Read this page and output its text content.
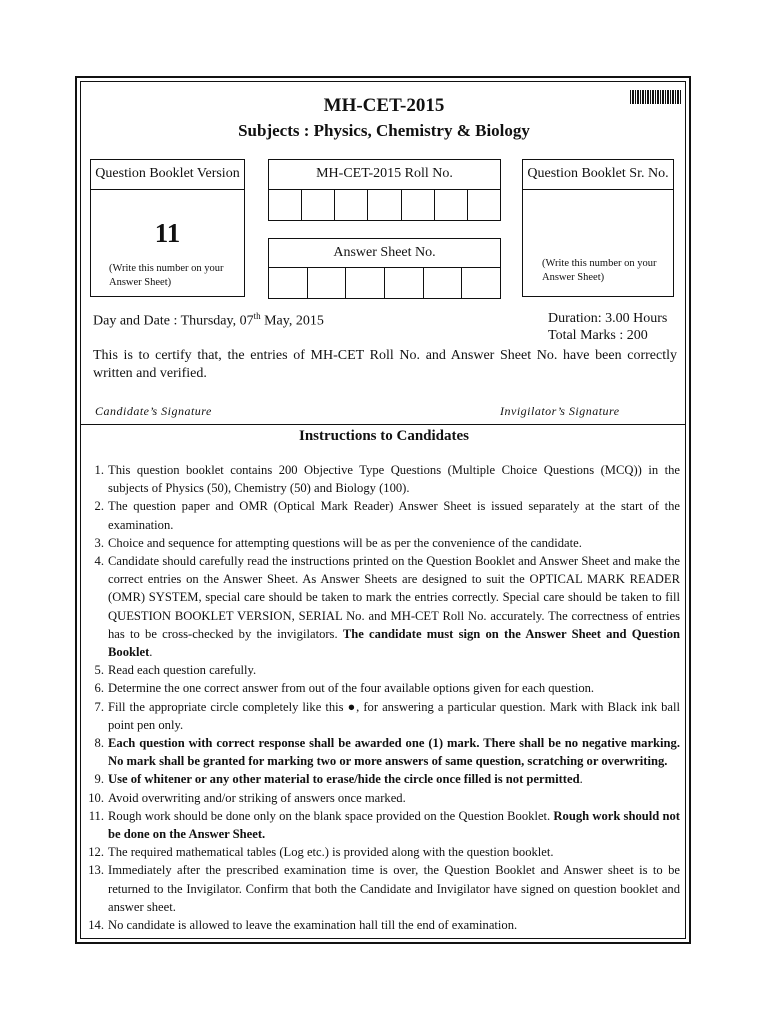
MH-CET-2015
Subjects : Physics, Chemistry & Biology
Question Booklet Version
11
(Write this number on your Answer Sheet)
MH-CET-2015 Roll No.
Answer Sheet No.
Question Booklet Sr. No.
(Write this number on your Answer Sheet)
Day and Date : Thursday, 07th May, 2015	Duration: 3.00 Hours
Total Marks : 200
This is to certify that, the entries of MH-CET Roll No. and Answer Sheet No. have been correctly written and verified.
Candidate’s Signature	Invigilator’s Signature
Instructions to Candidates
1. This question booklet contains 200 Objective Type Questions (Multiple Choice Questions (MCQ)) in the subjects of Physics (50), Chemistry (50) and Biology (100).
2. The question paper and OMR (Optical Mark Reader) Answer Sheet is issued separately at the start of the examination.
3. Choice and sequence for attempting questions will be as per the convenience of the candidate.
4. Candidate should carefully read the instructions printed on the Question Booklet and Answer Sheet and make the correct entries on the Answer Sheet. As Answer Sheets are designed to suit the OPTICAL MARK READER (OMR) SYSTEM, special care should be taken to mark the entries correctly. Special care should be taken to fill QUESTION BOOKLET VERSION, SERIAL No. and MH-CET Roll No. accurately. The correctness of entries has to be cross-checked by the invigilators. The candidate must sign on the Answer Sheet and Question Booklet.
5. Read each question carefully.
6. Determine the one correct answer from out of the four available options given for each question.
7. Fill the appropriate circle completely like this ●, for answering a particular question. Mark with Black ink ball point pen only.
8. Each question with correct response shall be awarded one (1) mark. There shall be no negative marking. No mark shall be granted for marking two or more answers of same question, scratching or overwriting.
9. Use of whitener or any other material to erase/hide the circle once filled is not permitted.
10. Avoid overwriting and/or striking of answers once marked.
11. Rough work should be done only on the blank space provided on the Question Booklet. Rough work should not be done on the Answer Sheet.
12. The required mathematical tables (Log etc.) is provided along with the question booklet.
13. Immediately after the prescribed examination time is over, the Question Booklet and Answer sheet is to be returned to the Invigilator. Confirm that both the Candidate and Invigilator have signed on question booklet and answer sheet.
14. No candidate is allowed to leave the examination hall till the end of examination.
